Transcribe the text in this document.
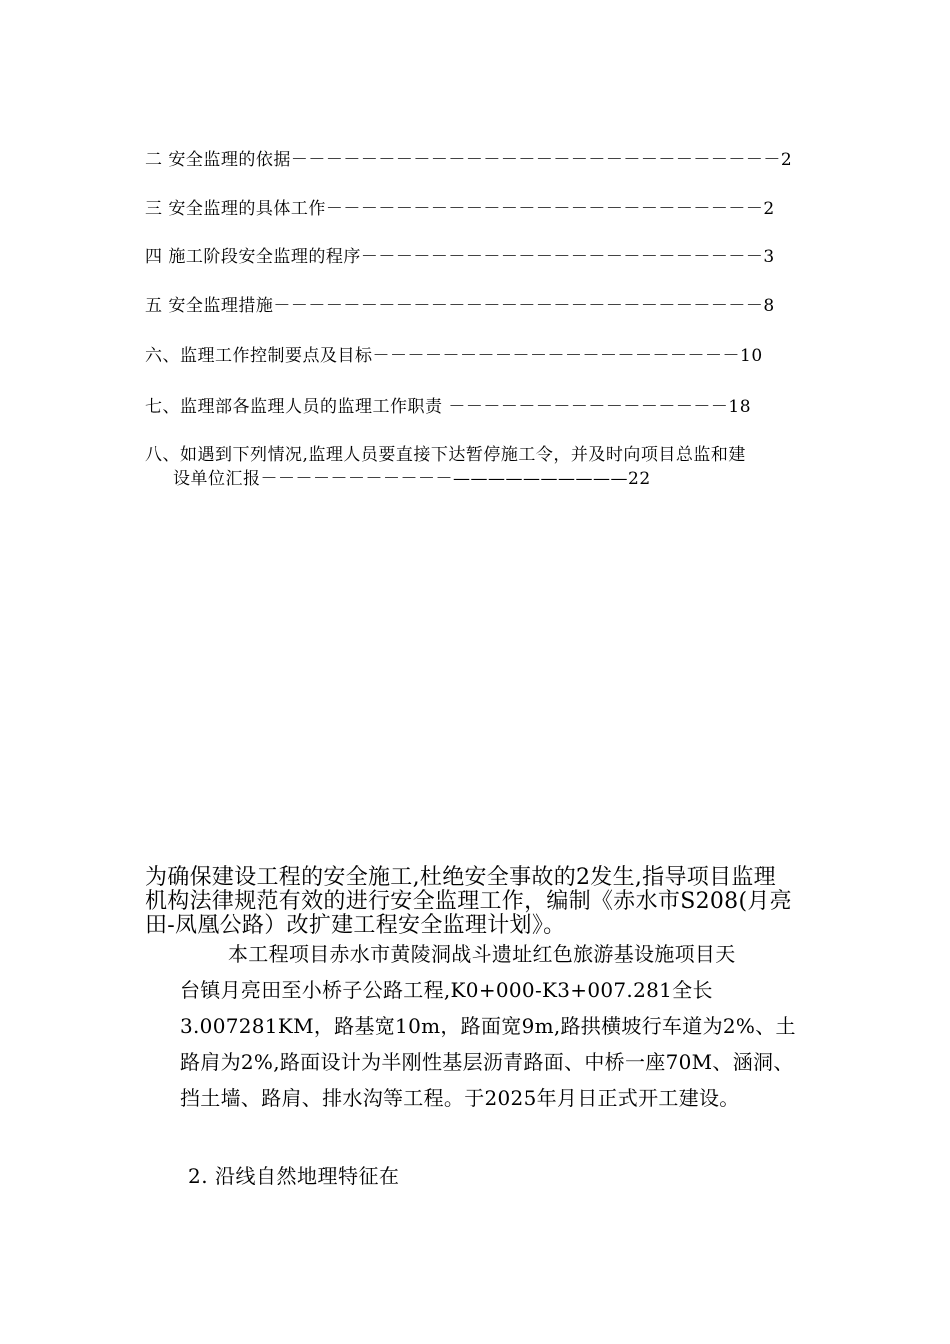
二 安全监理的依据－－－－－－－－－－－－－－－－－－－－－－－－－－－－2
三 安全监理的具体工作－－－－－－－－－－－－－－－－－－－－－－－－－2
四 施工阶段安全监理的程序－－－－－－－－－－－－－－－－－－－－－－－3
五 安全监理措施－－－－－－－－－－－－－－－－－－－－－－－－－－－－8
六、监理工作控制要点及目标－－－－－－－－－－－－－－－－－－－－－10
七、监理部各监理人员的监理工作职责 －－－－－－－－－－－－－－－－18
八、如遇到下列情况,监理人员要直接下达暂停施工令，并及时向项目总监和建
设单位汇报－－－－－－－－－－－——————————22
为确保建设工程的安全施工,杜绝安全事故的2发生,指导项目监理机构法律规范有效的进行安全监理工作，编制《赤水市S208(月亮田-凤凰公路）改扩建工程安全监理计划》。
本工程项目赤水市黄陵洞战斗遗址红色旅游基设施项目天
台镇月亮田至小桥子公路工程,K0+000-K3+007.281全长3.007281KM，路基宽10m，路面宽9m,路拱横坡行车道为2%、土路肩为2%,路面设计为半刚性基层沥青路面、中桥一座70M、涵洞、挡土墙、路肩、排水沟等工程。于2025年月日正式开工建设。
2. 沿线自然地理特征在
